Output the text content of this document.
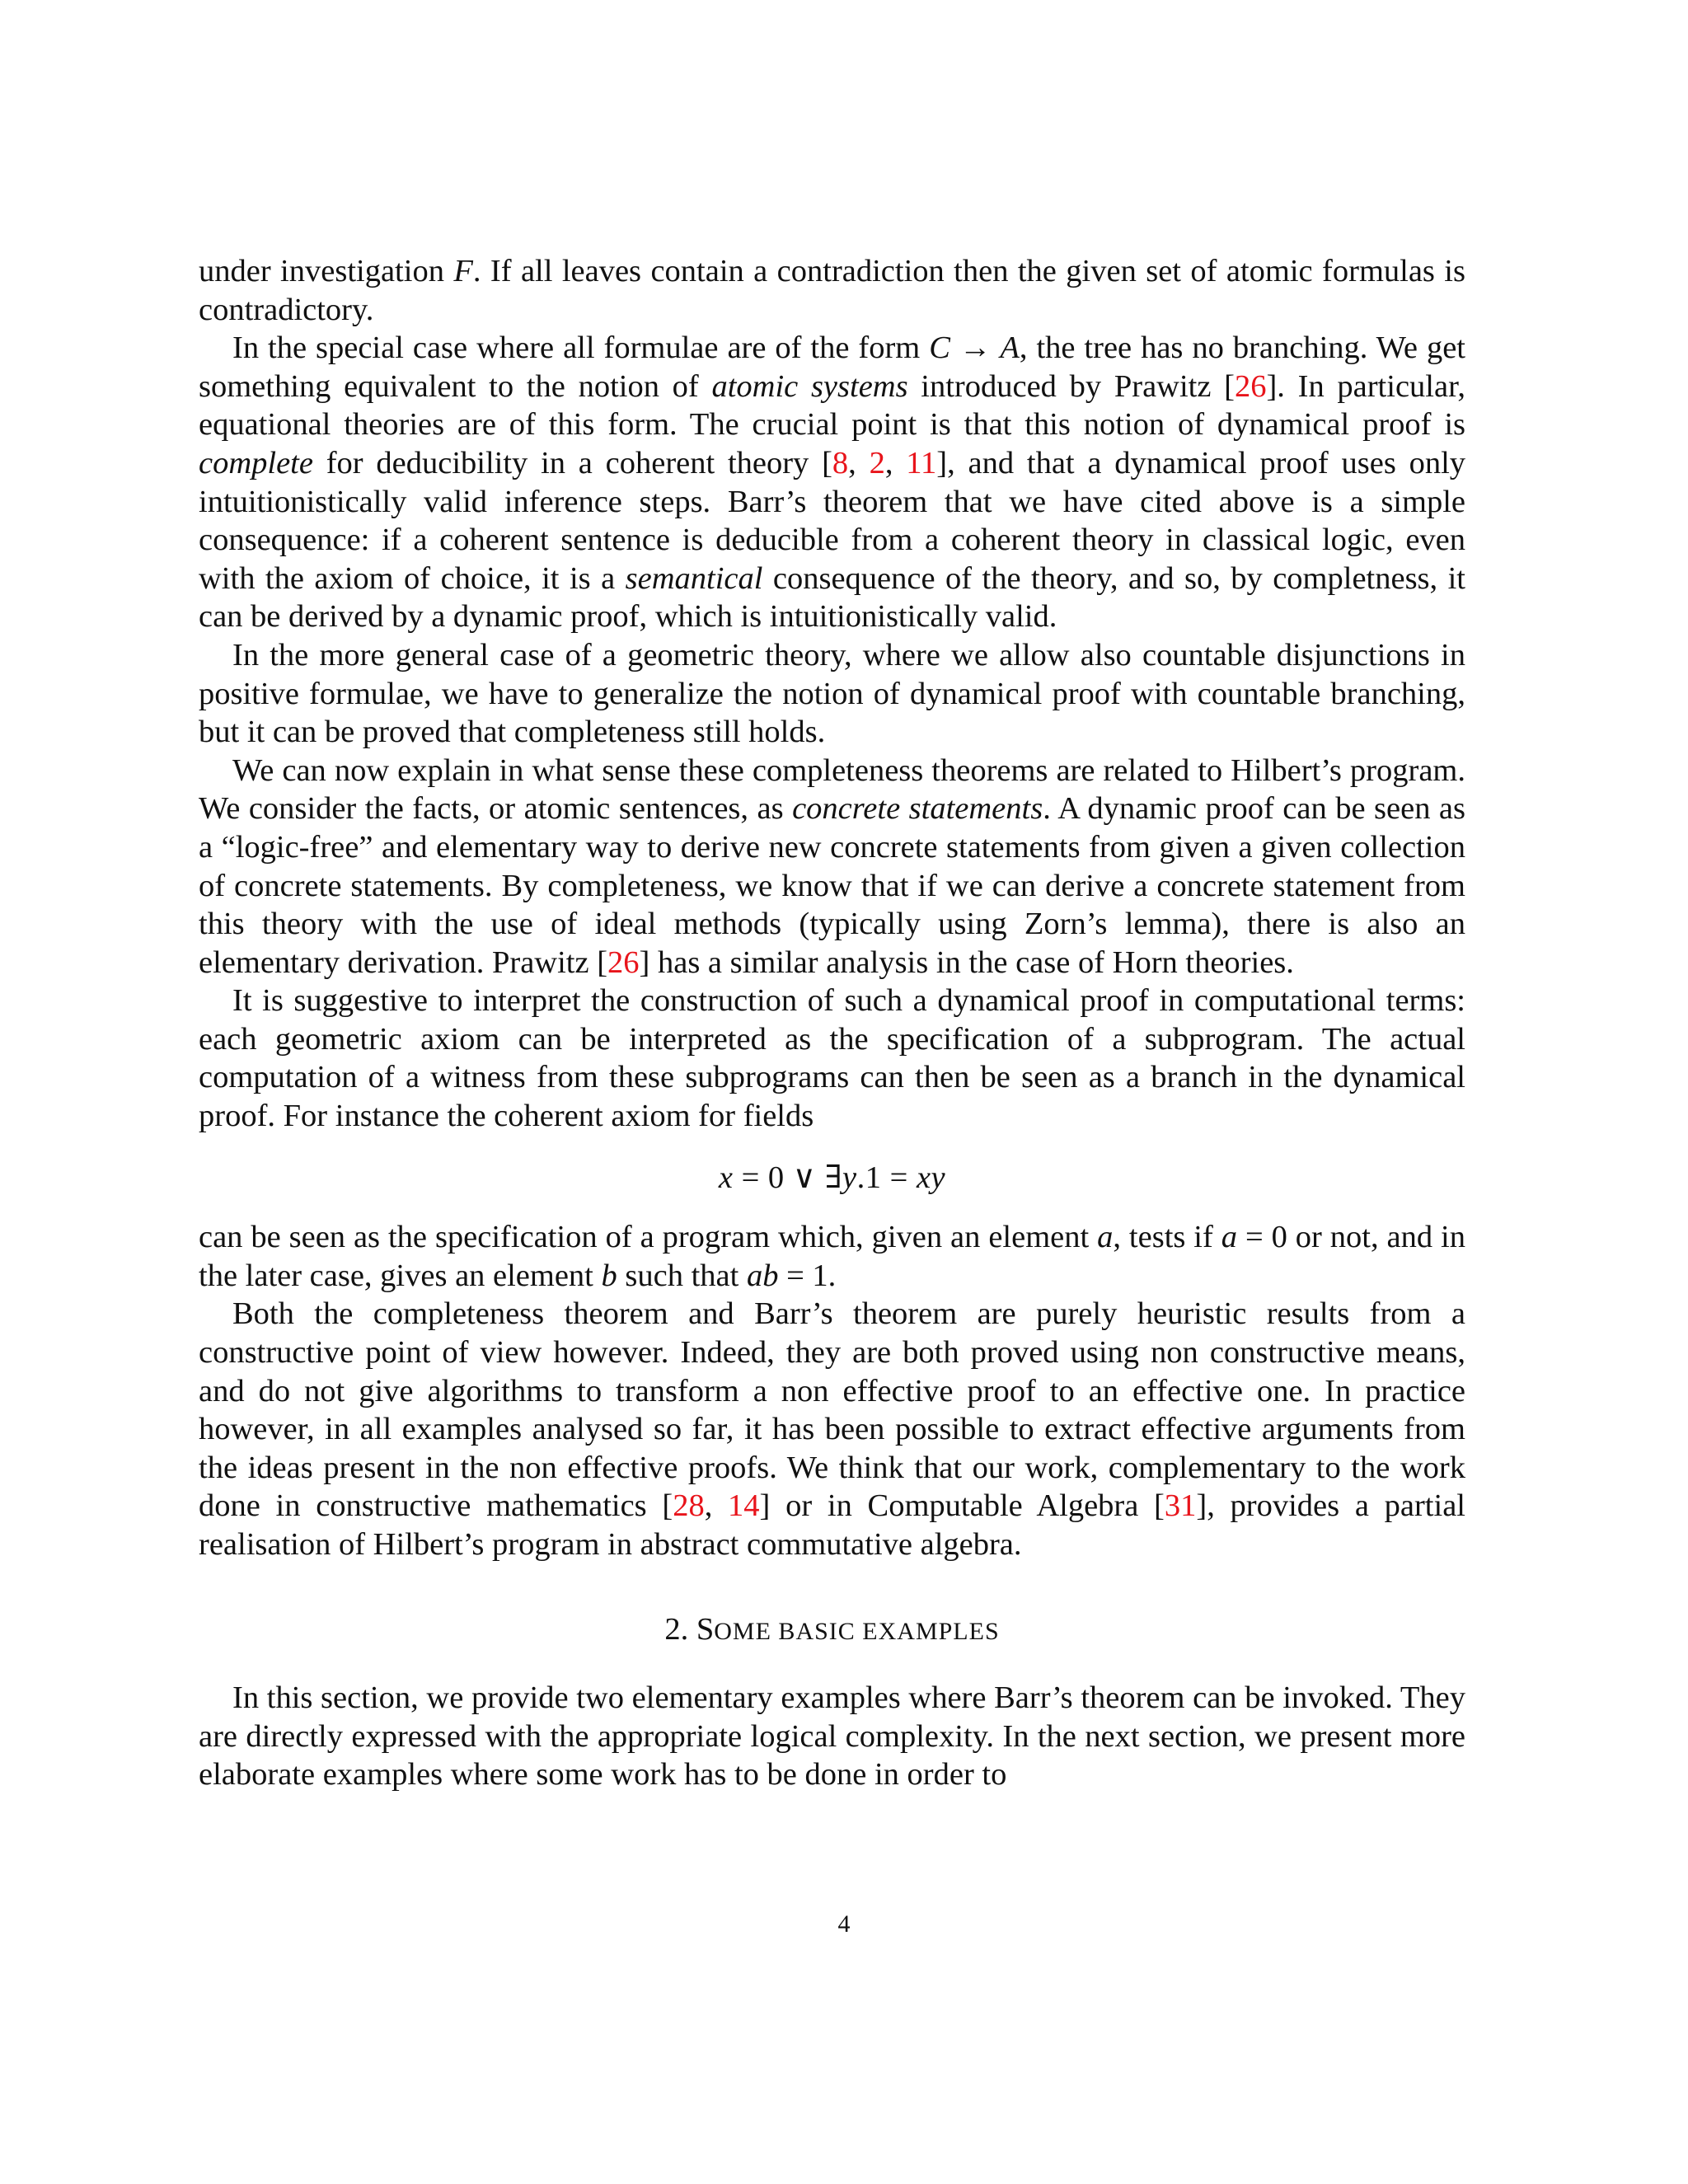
under investigation F. If all leaves contain a contradiction then the given set of atomic formulas is contradictory.

In the special case where all formulae are of the form C → A, the tree has no branching. We get something equivalent to the notion of atomic systems introduced by Prawitz [26]. In particular, equational theories are of this form. The crucial point is that this notion of dynamical proof is complete for deducibility in a coherent theory [8, 2, 11], and that a dynamical proof uses only intuitionistically valid inference steps. Barr’s theorem that we have cited above is a simple consequence: if a coherent sentence is deducible from a coherent theory in classical logic, even with the axiom of choice, it is a semantical consequence of the theory, and so, by completness, it can be derived by a dynamic proof, which is intuitionistically valid.

In the more general case of a geometric theory, where we allow also countable disjunctions in positive formulae, we have to generalize the notion of dynamical proof with countable branching, but it can be proved that completeness still holds.

We can now explain in what sense these completeness theorems are related to Hilbert’s program. We consider the facts, or atomic sentences, as concrete statements. A dynamic proof can be seen as a “logic-free” and elementary way to derive new concrete statements from given a given collection of concrete statements. By completeness, we know that if we can derive a concrete statement from this theory with the use of ideal methods (typically using Zorn’s lemma), there is also an elementary derivation. Prawitz [26] has a similar analysis in the case of Horn theories.

It is suggestive to interpret the construction of such a dynamical proof in computational terms: each geometric axiom can be interpreted as the specification of a subprogram. The actual computation of a witness from these subprograms can then be seen as a branch in the dynamical proof. For instance the coherent axiom for fields

x = 0 ∨ ∃y.1 = xy

can be seen as the specification of a program which, given an element a, tests if a = 0 or not, and in the later case, gives an element b such that ab = 1.

Both the completeness theorem and Barr’s theorem are purely heuristic results from a constructive point of view however. Indeed, they are both proved using non constructive means, and do not give algorithms to transform a non effective proof to an effective one. In practice however, in all examples analysed so far, it has been possible to extract effective arguments from the ideas present in the non effective proofs. We think that our work, complementary to the work done in constructive mathematics [28, 14] or in Computable Algebra [31], provides a partial realisation of Hilbert’s program in abstract commutative algebra.

2. SOME BASIC EXAMPLES

In this section, we provide two elementary examples where Barr’s theorem can be invoked. They are directly expressed with the appropriate logical complexity. In the next section, we present more elaborate examples where some work has to be done in order to

4
